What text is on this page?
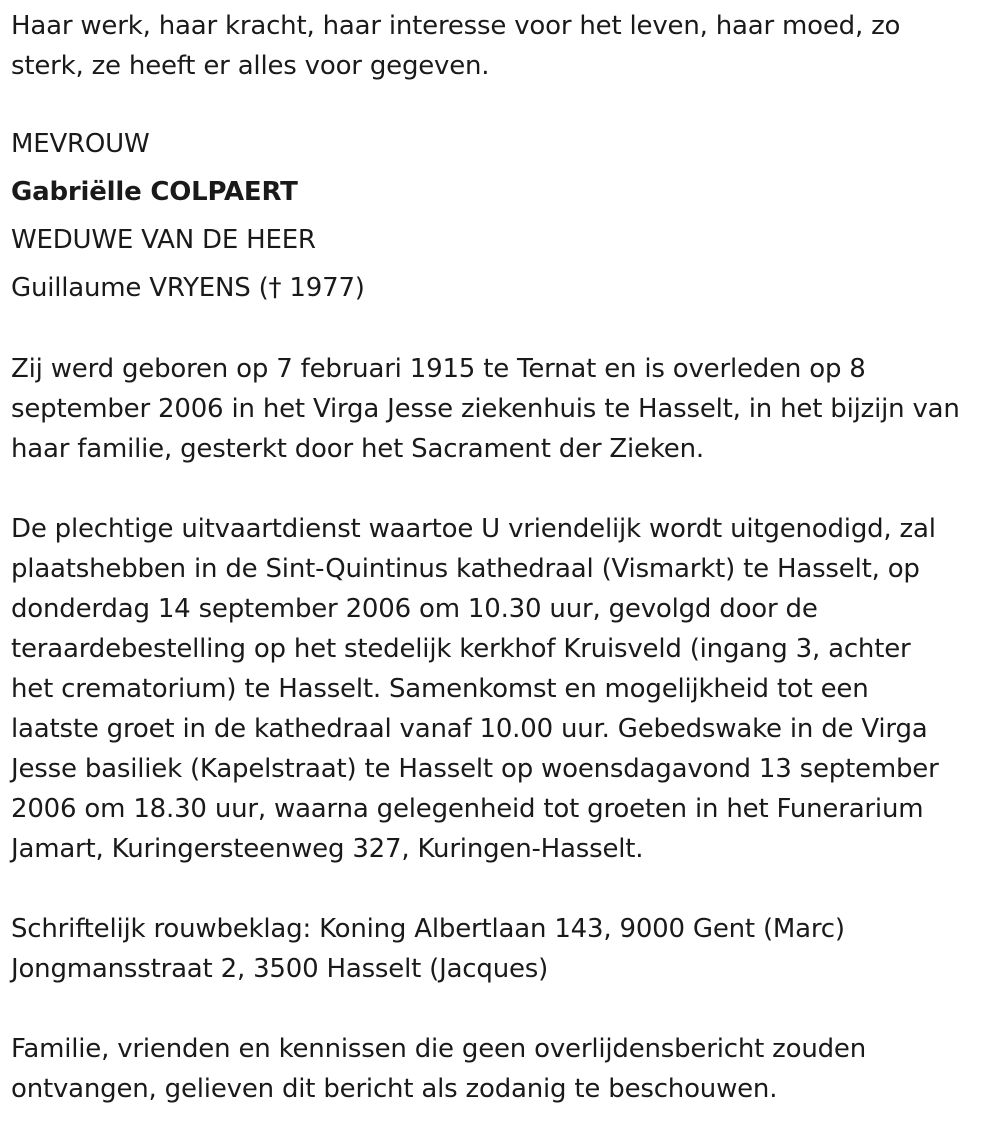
Haar werk, haar kracht, haar interesse voor het leven, haar moed, zo
sterk, ze heeft er alles voor gegeven.

MEVROUW
Gabriëlle COLPAERT
WEDUWE VAN DE HEER
Guillaume VRYENS († 1977)

Zij werd geboren op 7 februari 1915 te Ternat en is overleden op 8
september 2006 in het Virga Jesse ziekenhuis te Hasselt, in het bijzijn van
haar familie, gesterkt door het Sacrament der Zieken.

De plechtige uitvaartdienst waartoe U vriendelijk wordt uitgenodigd, zal
plaatshebben in de Sint-Quintinus kathedraal (Vismarkt) te Hasselt, op
donderdag 14 september 2006 om 10.30 uur, gevolgd door de
teraardebestelling op het stedelijk kerkhof Kruisveld (ingang 3, achter
het crematorium) te Hasselt. Samenkomst en mogelijkheid tot een
laatste groet in de kathedraal vanaf 10.00 uur. Gebedswake in de Virga
Jesse basiliek (Kapelstraat) te Hasselt op woensdagavond 13 september
2006 om 18.30 uur, waarna gelegenheid tot groeten in het Funerarium
Jamart, Kuringersteenweg 327, Kuringen-Hasselt.

Schriftelijk rouwbeklag: Koning Albertlaan 143, 9000 Gent (Marc)
Jongmansstraat 2, 3500 Hasselt (Jacques)

Familie, vrienden en kennissen die geen overlijdensbericht zouden
ontvangen, gelieven dit bericht als zodanig te beschouwen.
